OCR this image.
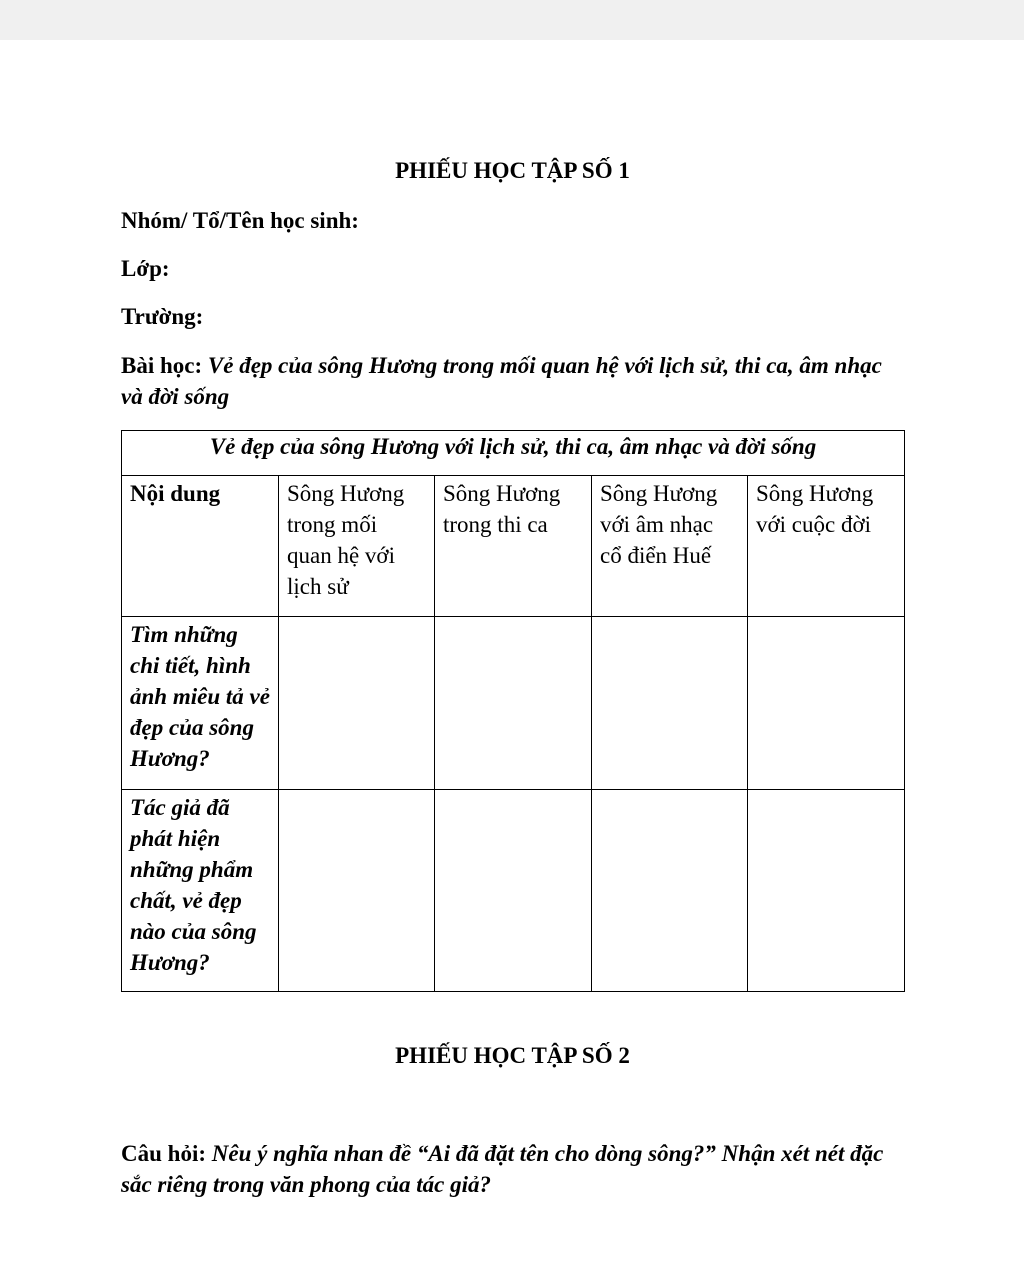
PHIẾU HỌC TẬP SỐ 1
Nhóm/ Tổ/Tên học sinh:
Lớp:
Trường:
Bài học: Vẻ đẹp của sông Hương trong mối quan hệ với lịch sử, thi ca, âm nhạc và đời sống
Vẻ đẹp của sông Hương với lịch sử, thi ca, âm nhạc và đời sống				
Nội dung	Sông Hương trong mối quan hệ với lịch sử	Sông Hương trong thi ca	Sông Hương với âm nhạc cổ điển Huế	Sông Hương với cuộc đời
Tìm những chi tiết, hình ảnh miêu tả vẻ đẹp của sông Hương?				
Tác giả đã phát hiện những phẩm chất, vẻ đẹp nào của sông Hương?				
PHIẾU HỌC TẬP SỐ 2
Câu hỏi: Nêu ý nghĩa nhan đề “Ai đã đặt tên cho dòng sông?” Nhận xét nét đặc sắc riêng trong văn phong của tác giả?
